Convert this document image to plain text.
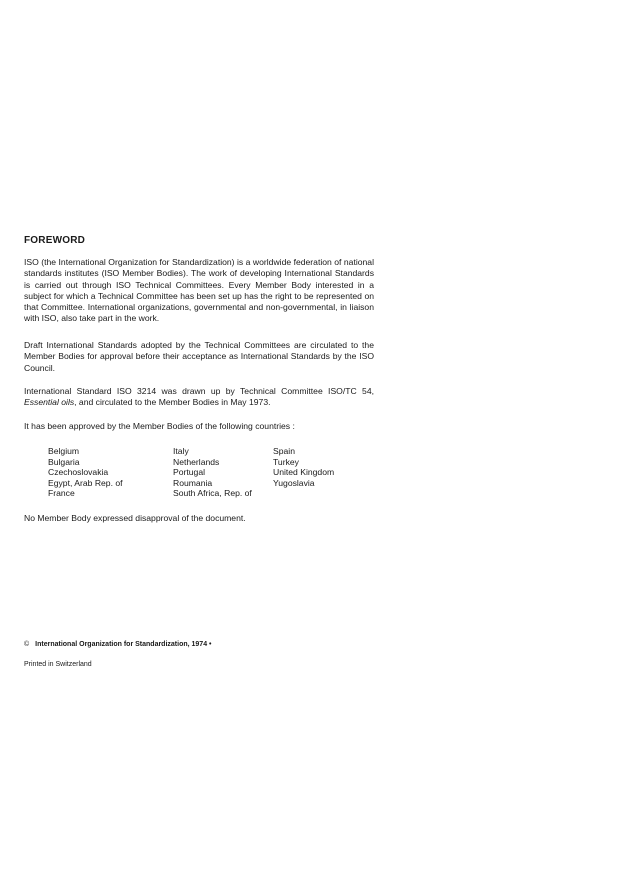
FOREWORD

ISO (the International Organization for Standardization) is a worldwide federation of national standards institutes (ISO Member Bodies). The work of developing International Standards is carried out through ISO Technical Committees. Every Member Body interested in a subject for which a Technical Committee has been set up has the right to be represented on that Committee. International organizations, governmental and non-governmental, in liaison with ISO, also take part in the work.

Draft International Standards adopted by the Technical Committees are circulated to the Member Bodies for approval before their acceptance as International Standards by the ISO Council.

International Standard ISO 3214 was drawn up by Technical Committee ISO/TC 54, Essential oils, and circulated to the Member Bodies in May 1973.

It has been approved by the Member Bodies of the following countries :

Belgium
Bulgaria
Czechoslovakia
Egypt, Arab Rep. of
France
Italy
Netherlands
Portugal
Roumania
South Africa, Rep. of
Spain
Turkey
United Kingdom
Yugoslavia
No Member Body expressed disapproval of the document.
© International Organization for Standardization, 1974 •
Printed in Switzerland
